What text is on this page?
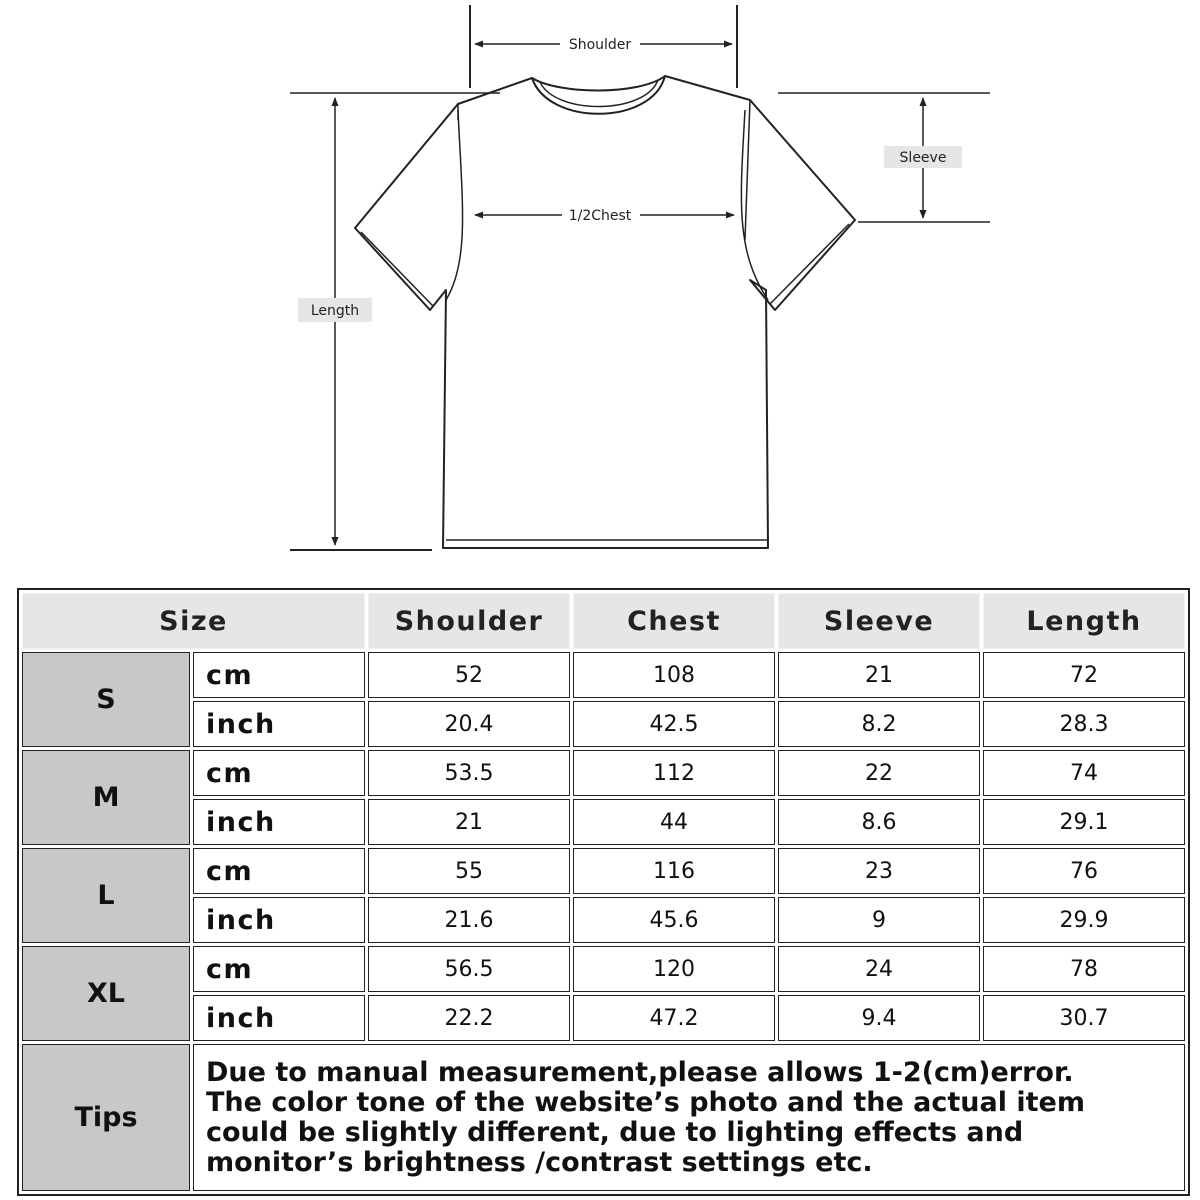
Shoulder
1/2Chest
Sleeve
Length
Size		Shoulder	Chest	Sleeve	Length
S	cm	52	108	21	72
	inch	20.4	42.5	8.2	28.3
M	cm	53.5	112	22	74
	inch	21	44	8.6	29.1
L	cm	55	116	23	76
	inch	21.6	45.6	9	29.9
XL	cm	56.5	120	24	78
	inch	22.2	47.2	9.4	30.7
Tips	Due to manual measurement,please allows 1-2(cm)error.
The color tone of the website’s photo and the actual item
could be slightly different, due to lighting effects and
monitor’s brightness /contrast settings etc.				
